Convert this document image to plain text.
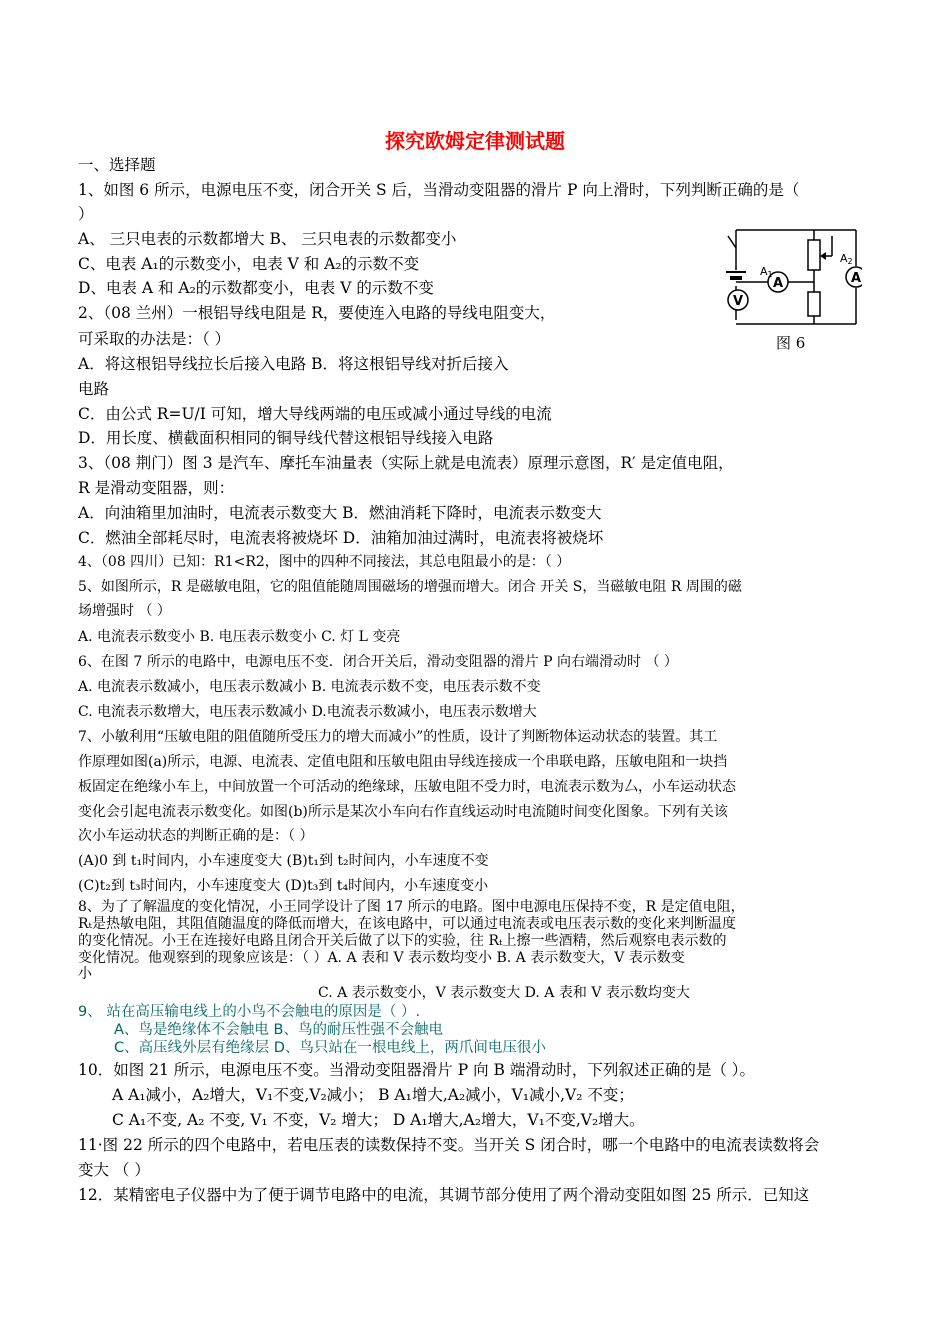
探究欧姆定律测试题
一、选择题
1、如图 6 所示，电源电压不变，闭合开关 S 后，当滑动变阻器的滑片 P 向上滑时，下列判断正确的是（
）
A、 三只电表的示数都增大 B、 三只电表的示数都变小
C、电表 A₁的示数变小，电表 V 和 A₂的示数不变
D、电表 A 和 A₂的示数都变小，电表 V 的示数不变
2、（08 兰州）一根铝导线电阻是 R，要使连入电路的导线电阻变大，
可采取的办法是：（ ）
A．将这根铝导线拉长后接入电路 B．将这根铝导线对折后接入
电路
C．由公式 R=U/I 可知，增大导线两端的电压或减小通过导线的电流
D．用长度、横截面积相同的铜导线代替这根铝导线接入电路
3、（08 荆门）图 3 是汽车、摩托车油量表（实际上就是电流表）原理示意图，R′ 是定值电阻，
R 是滑动变阻器，则：
A．向油箱里加油时，电流表示数变大 B．燃油消耗下降时，电流表示数变大
C．燃油全部耗尽时，电流表将被烧坏 D．油箱加油过满时，电流表将被烧坏
4、（08 四川）已知：R1<R2，图中的四种不同接法，其总电阻最小的是：（ ）
5、如图所示，R 是磁敏电阻，它的阻值能随周围磁场的增强而增大。闭合 开关 S，当磁敏电阻 R 周围的磁
场增强时 （ ）
A. 电流表示数变小 B. 电压表示数变小 C. 灯 L 变亮
6、在图 7 所示的电路中，电源电压不变．闭合开关后，滑动变阻器的滑片 P 向右端滑动时 （ ）
A. 电流表示数减小，电压表示数减小 B. 电流表示数不变，电压表示数不变
C. 电流表示数增大，电压表示数减小 D.电流表示数减小，电压表示数增大
7、小敏利用“压敏电阻的阻值随所受压力的增大而减小”的性质，设计了判断物体运动状态的装置。其工
作原理如图(a)所示，电源、电流表、定值电阻和压敏电阻由导线连接成一个串联电路，压敏电阻和一块挡
板固定在绝缘小车上，中间放置一个可活动的绝缘球，压敏电阻不受力时，电流表示数为厶，小车运动状态
变化会引起电流表示数变化。如图(b)所示是某次小车向右作直线运动时电流随时间变化图象。下列有关该
次小车运动状态的判断正确的是：（ ）
(A)0 到 t₁时间内，小车速度变大 (B)t₁到 t₂时间内，小车速度不变
(C)t₂到 t₃时间内，小车速度变大 (D)t₃到 t₄时间内，小车速度变小
8、为了了解温度的变化情况，小王同学设计了图 17 所示的电路。图中电源电压保持不变，R 是定值电阻，
Rₜ是热敏电阻，其阻值随温度的降低而增大，在该电路中，可以通过电流表或电压表示数的变化来判断温度
的变化情况。小王在连接好电路且闭合开关后做了以下的实验，往 Rₜ上擦一些酒精，然后观察电表示数的
变化情况。他观察到的现象应该是：（ ）A. A 表和 V 表示数均变小 B. A 表示数变大，V 表示数变
小
C. A 表示数变小，V 表示数变大 D. A 表和 V 表示数均变大
9、 站在高压输电线上的小鸟不会触电的原因是（ ）.
A、鸟是绝缘体不会触电 B、鸟的耐压性强不会触电
C、高压线外层有绝缘层 D、鸟只站在一根电线上，两爪间电压很小
10．如图 21 所示，电源电压不变。当滑动变阻器滑片 P 向 B 端滑动时，下列叙述正确的是（ ）。
A A₁减小，A₂增大，V₁不变,V₂减小； B A₁增大,A₂减小，V₁减小,V₂ 不变；
C A₁不变, A₂ 不变, V₁ 不变，V₂ 增大； D A₁增大,A₂增大，V₁不变,V₂增大。
11·图 22 所示的四个电路中，若电压表的读数保持不变。当开关 S 闭合时，哪一个电路中的电流表读数将会
变大 （ ）
12．某精密电子仪器中为了便于调节电路中的电流，其调节部分使用了两个滑动变阻如图 25 所示．已知这
A
A1
V
A
A2
图 6
